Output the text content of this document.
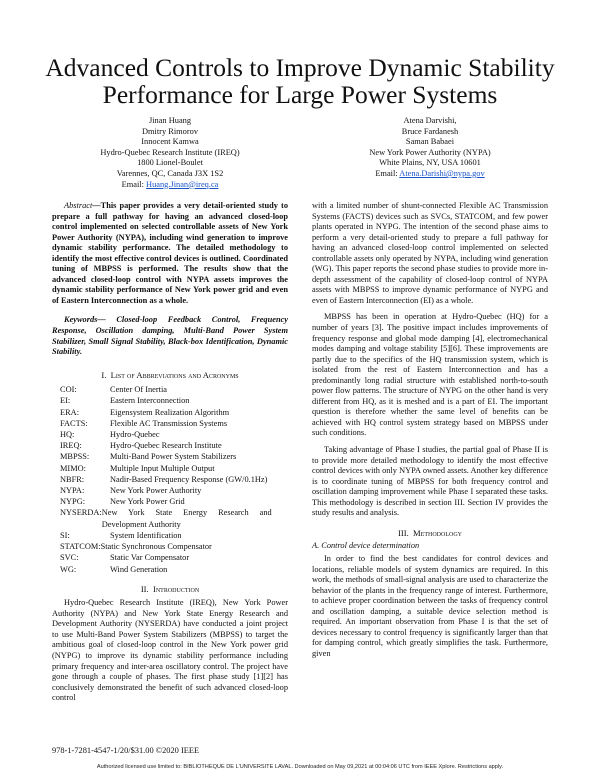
Advanced Controls to Improve Dynamic Stability
Performance for Large Power Systems
Jinan Huang
Dmitry Rimorov
Innocent Kamwa
Hydro-Quebec Research Institute (IREQ)
1800 Lionel-Boulet
Varennes, QC, Canada J3X 1S2
Email: Huang.Jinan@ireq.ca
Atena Darvishi,
Bruce Fardanesh
Saman Babaei
New York Power Authority (NYPA)
White Plains, NY, USA 10601
Email: Atena.Darishi@nypa.gov

Abstract—This paper provides a very detail-oriented study to prepare a full pathway for having an advanced closed-loop control implemented on selected controllable assets of New York Power Authority (NYPA), including wind generation to improve dynamic stability performance. The detailed methodology to identify the most effective control devices is outlined. Coordinated tuning of MBPSS is performed. The results show that the advanced closed-loop control with NYPA assets improves the dynamic stability performance of New York power grid and even of Eastern Interconnection as a whole.

Keywords— Closed-loop Feedback Control, Frequency Response, Oscillation damping, Multi-Band Power System Stabilizer, Small Signal Stability, Black-box Identification, Dynamic Stability.

I. List of Abbreviations and Acronyms
COI:	Center Of Inertia
EI:	Eastern Interconnection
ERA:	Eigensystem Realization Algorithm
FACTS:	Flexible AC Transmission Systems
HQ:	Hydro-Quebec
IREQ:	Hydro-Quebec Research Institute
MBPSS:	Multi-Band Power System Stabilizers
MIMO:	Multiple Input Multiple Output
NBFR:	Nadir-Based Frequency Response (GW/0.1Hz)
NYPA:	New York Power Authority
NYPG:	New York Power Grid
NYSERDA: New York State Energy Research and Development Authority
SI:	System Identification
STATCOM: Static Synchronous Compensator
SVC:	Static Var Compensator
WG:	Wind Generation
II. Introduction

Hydro-Quebec Research Institute (IREQ), New York Power Authority (NYPA) and New York State Energy Research and Development Authority (NYSERDA) have conducted a joint project to use Multi-Band Power System Stabilizers (MBPSS) to target the ambitious goal of closed-loop control in the New York power grid (NYPG) to improve its dynamic stability performance including primary frequency and inter-area oscillatory control. The project have gone through a couple of phases. The first phase study [1][2] has conclusively demonstrated the benefit of such advanced closed-loop control

with a limited number of shunt-connected Flexible AC Transmission Systems (FACTS) devices such as SVCs, STATCOM, and few power plants operated in NYPG. The intention of the second phase aims to perform a very detail-oriented study to prepare a full pathway for having an advanced closed-loop control implemented on selected controllable assets only operated by NYPA, including wind generation (WG). This paper reports the second phase studies to provide more in-depth assessment of the capability of closed-loop control of NYPA assets with MBPSS to improve dynamic performance of NYPG and even of Eastern Interconnection (EI) as a whole.

MBPSS has been in operation at Hydro-Quebec (HQ) for a number of years [3]. The positive impact includes improvements of frequency response and global mode damping [4], electromechanical modes damping and voltage stability [5][6]. These improvements are partly due to the specifics of the HQ transmission system, which is isolated from the rest of Eastern Interconnection and has a predominantly long radial structure with established north-to-south power flow patterns. The structure of NYPG on the other hand is very different from HQ, as it is meshed and is a part of EI. The important question is therefore whether the same level of benefits can be achieved with HQ control system strategy based on MBPSS under such conditions.

Taking advantage of Phase I studies, the partial goal of Phase II is to provide more detailed methodology to identify the most effective control devices with only NYPA owned assets. Another key difference is to coordinate tuning of MBPSS for both frequency control and oscillation damping improvement while Phase I separated these tasks. This methodology is described in section III. Section IV provides the study results and analysis.

III. Methodology
A. Control device determination

In order to find the best candidates for control devices and locations, reliable models of system dynamics are required. In this work, the methods of small-signal analysis are used to characterize the behavior of the plants in the frequency range of interest. Furthermore, to achieve proper coordination between the tasks of frequency control and oscillation damping, a suitable device selection method is required. An important observation from Phase I is that the set of devices necessary to control frequency is significantly larger than that for damping control, which greatly simplifies the task. Furthermore, given

978-1-7281-4547-1/20/$31.00 ©2020 IEEE
Authorized licensed use limited to: BIBLIOTHEQUE DE L'UNIVERSITE LAVAL. Downloaded on May 09,2021 at 00:04:06 UTC from IEEE Xplore. Restrictions apply.
